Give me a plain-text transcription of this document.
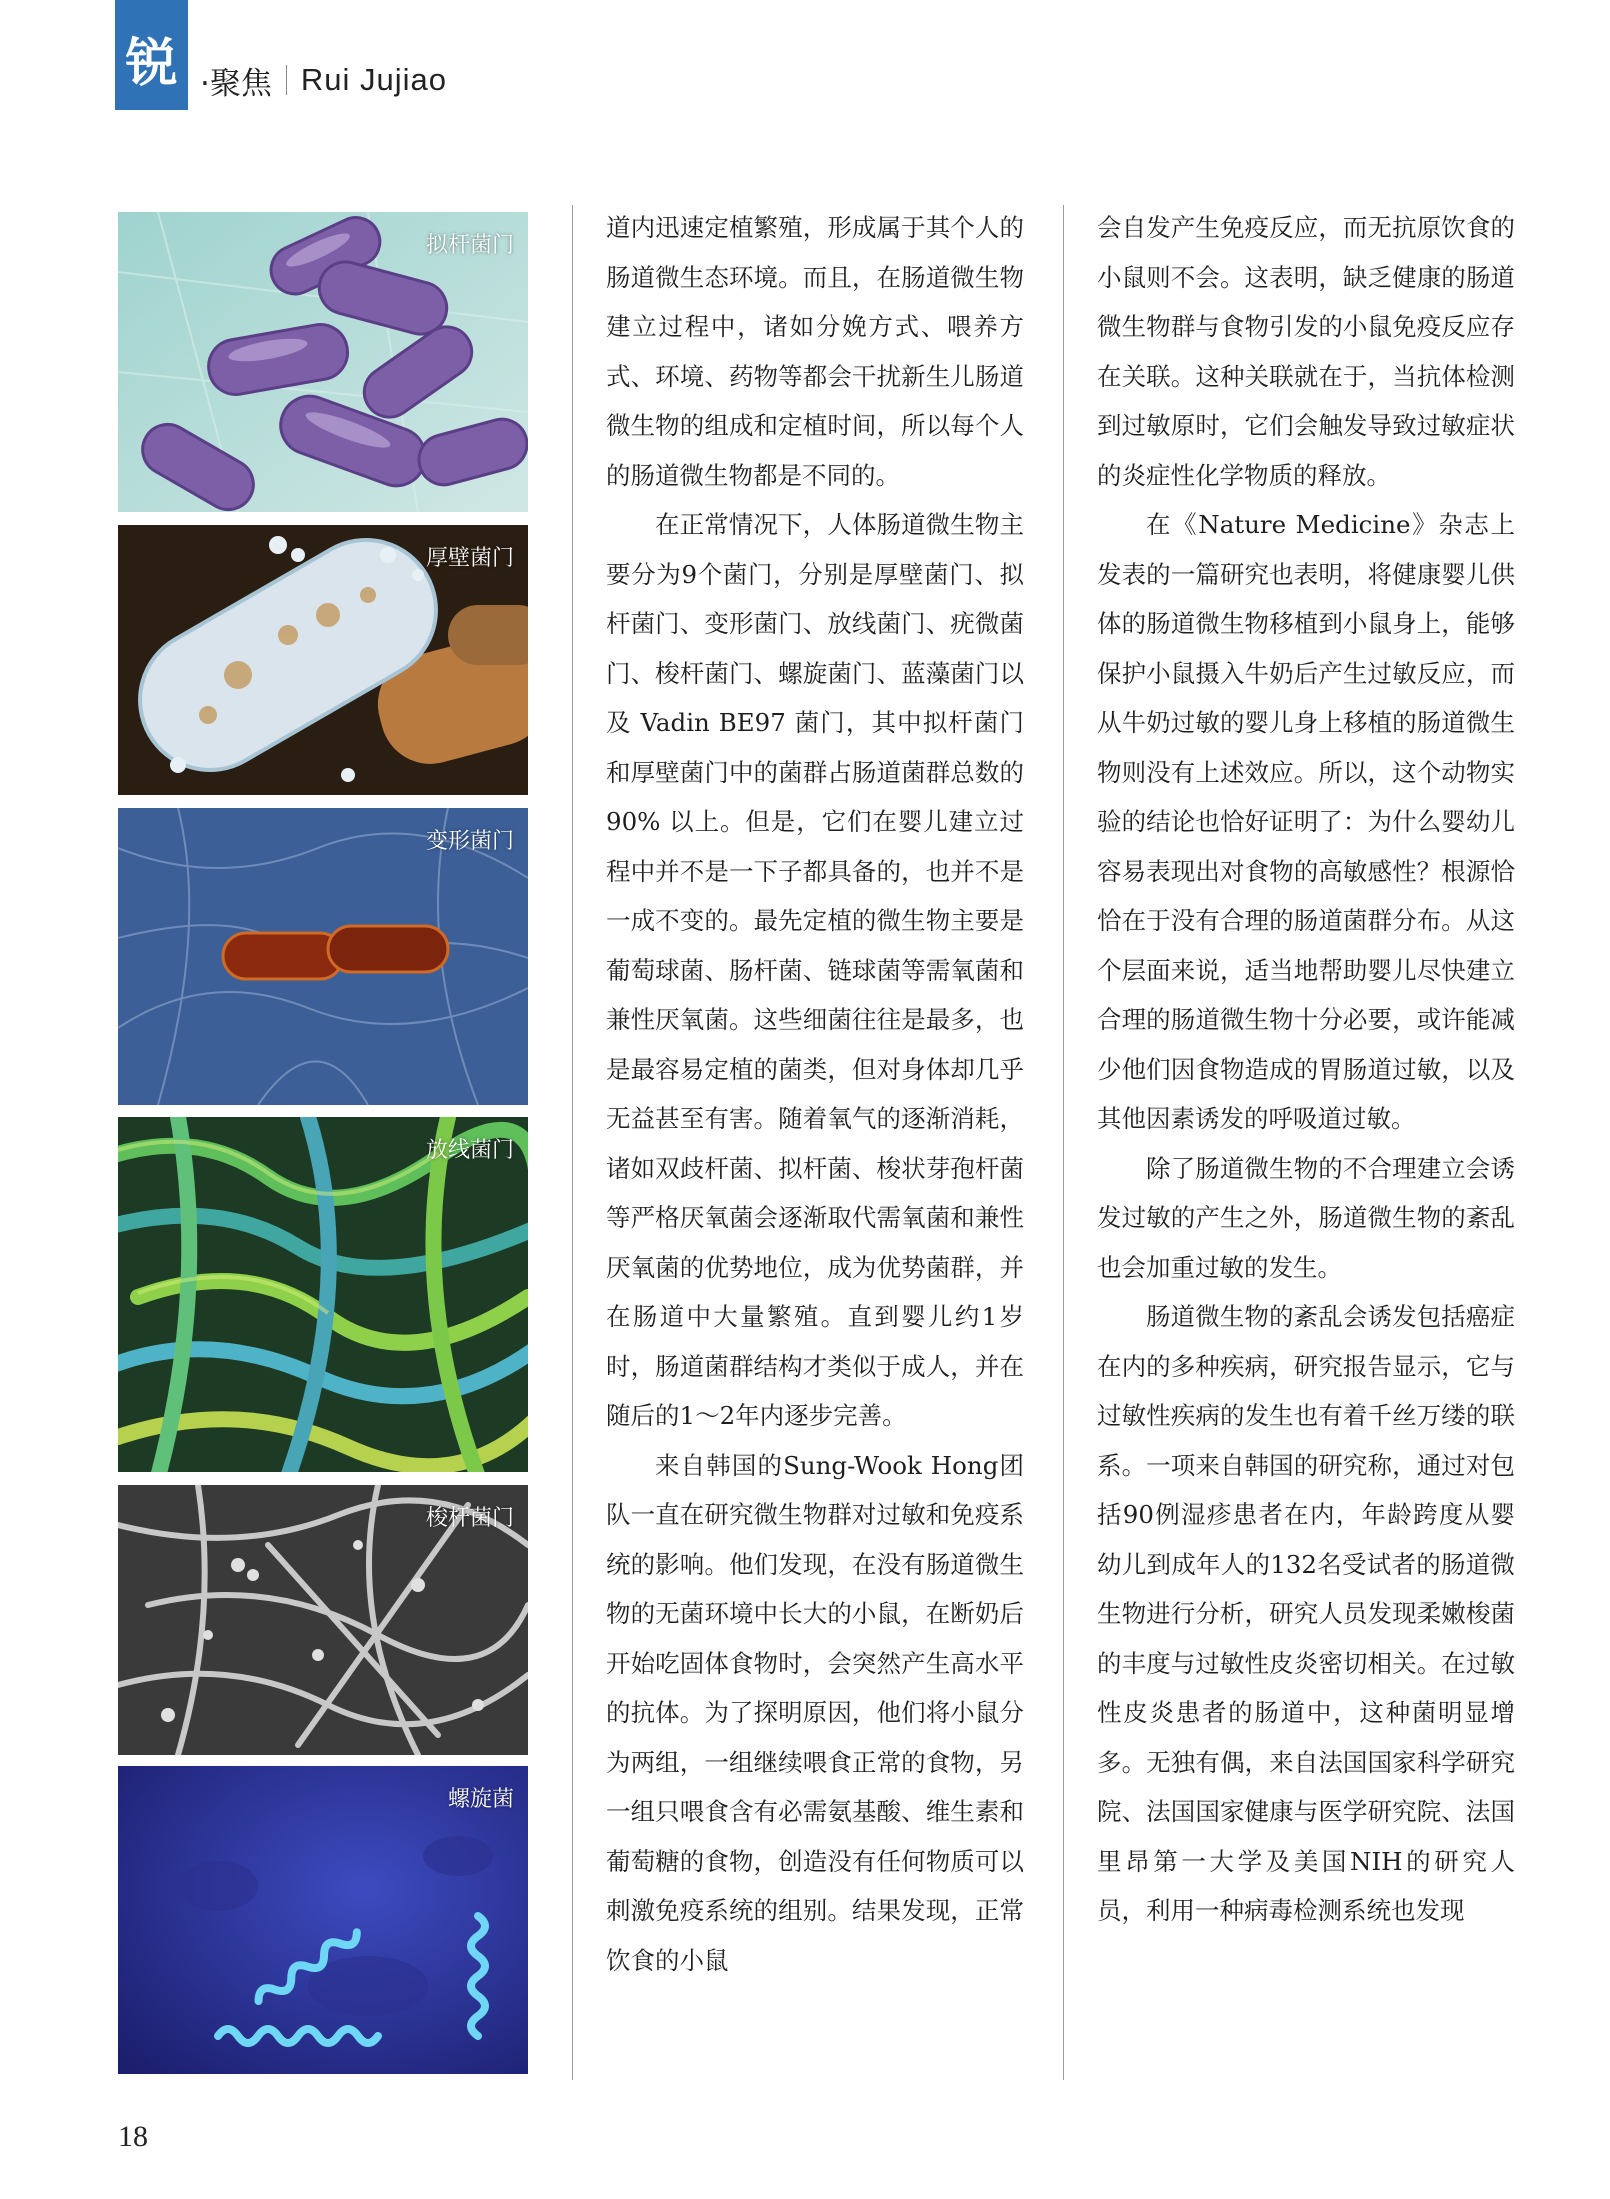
锐 ·聚焦 Rui Jujiao
拟杆菌门
厚壁菌门
变形菌门
放线菌门
梭杆菌门
螺旋菌

道内迅速定植繁殖，形成属于其个人的肠道微生态环境。而且，在肠道微生物建立过程中，诸如分娩方式、喂养方式、环境、药物等都会干扰新生儿肠道微生物的组成和定植时间，所以每个人的肠道微生物都是不同的。

在正常情况下，人体肠道微生物主要分为9个菌门，分别是厚壁菌门、拟杆菌门、变形菌门、放线菌门、疣微菌门、梭杆菌门、螺旋菌门、蓝藻菌门以及 Vadin BE97 菌门，其中拟杆菌门和厚壁菌门中的菌群占肠道菌群总数的 90% 以上。但是，它们在婴儿建立过程中并不是一下子都具备的，也并不是一成不变的。最先定植的微生物主要是葡萄球菌、肠杆菌、链球菌等需氧菌和兼性厌氧菌。这些细菌往往是最多，也是最容易定植的菌类，但对身体却几乎无益甚至有害。随着氧气的逐渐消耗，诸如双歧杆菌、拟杆菌、梭状芽孢杆菌等严格厌氧菌会逐渐取代需氧菌和兼性厌氧菌的优势地位，成为优势菌群，并在肠道中大量繁殖。直到婴儿约1岁时，肠道菌群结构才类似于成人，并在随后的1～2年内逐步完善。

来自韩国的Sung-Wook Hong团队一直在研究微生物群对过敏和免疫系统的影响。他们发现，在没有肠道微生物的无菌环境中长大的小鼠，在断奶后开始吃固体食物时，会突然产生高水平的抗体。为了探明原因，他们将小鼠分为两组，一组继续喂食正常的食物，另一组只喂食含有必需氨基酸、维生素和葡萄糖的食物，创造没有任何物质可以刺激免疫系统的组别。结果发现，正常饮食的小鼠

会自发产生免疫反应，而无抗原饮食的小鼠则不会。这表明，缺乏健康的肠道微生物群与食物引发的小鼠免疫反应存在关联。这种关联就在于，当抗体检测到过敏原时，它们会触发导致过敏症状的炎症性化学物质的释放。

在《Nature Medicine》杂志上发表的一篇研究也表明，将健康婴儿供体的肠道微生物移植到小鼠身上，能够保护小鼠摄入牛奶后产生过敏反应，而从牛奶过敏的婴儿身上移植的肠道微生物则没有上述效应。所以，这个动物实验的结论也恰好证明了：为什么婴幼儿容易表现出对食物的高敏感性？根源恰恰在于没有合理的肠道菌群分布。从这个层面来说，适当地帮助婴儿尽快建立合理的肠道微生物十分必要，或许能减少他们因食物造成的胃肠道过敏，以及其他因素诱发的呼吸道过敏。

除了肠道微生物的不合理建立会诱发过敏的产生之外，肠道微生物的紊乱也会加重过敏的发生。

肠道微生物的紊乱会诱发包括癌症在内的多种疾病，研究报告显示，它与过敏性疾病的发生也有着千丝万缕的联系。一项来自韩国的研究称，通过对包括90例湿疹患者在内，年龄跨度从婴幼儿到成年人的132名受试者的肠道微生物进行分析，研究人员发现柔嫩梭菌的丰度与过敏性皮炎密切相关。在过敏性皮炎患者的肠道中，这种菌明显增多。无独有偶，来自法国国家科学研究院、法国国家健康与医学研究院、法国里昂第一大学及美国NIH的研究人员，利用一种病毒检测系统也发现

18
